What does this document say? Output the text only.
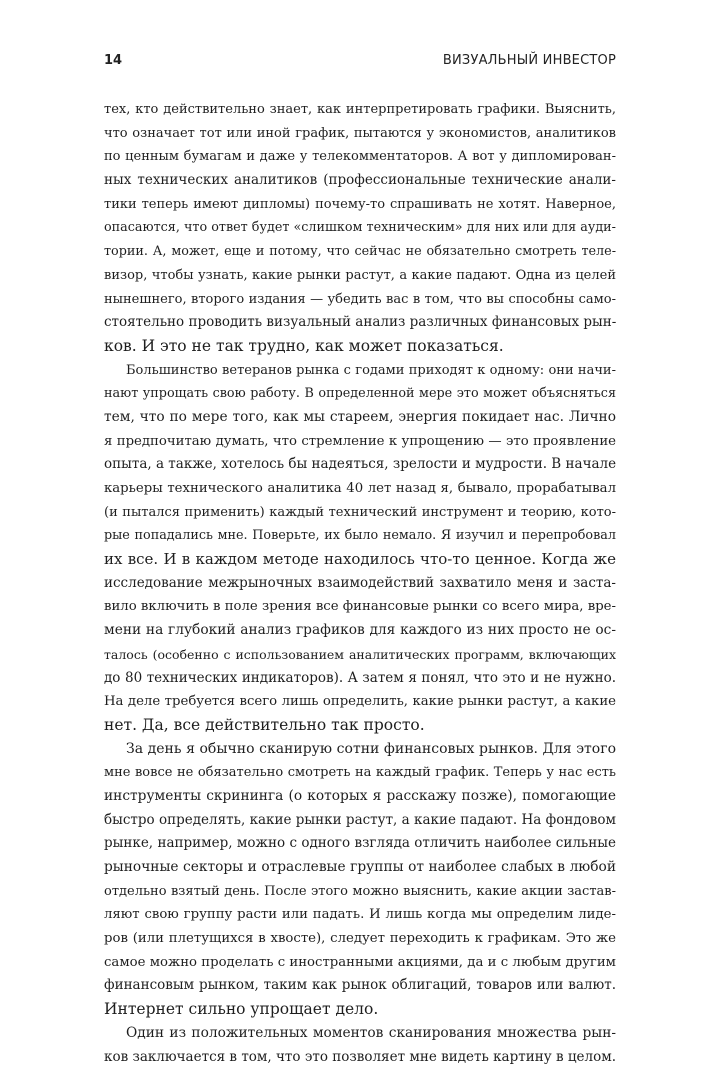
14	ВИЗУАЛЬНЫЙ ИНВЕСТОР
тех, кто действительно знает, как интерпретировать графики. Выяснить,
что означает тот или иной график, пытаются у экономистов, аналитиков
по ценным бумагам и даже у телекомментаторов. А вот у дипломирован-
ных технических аналитиков (профессиональные технические анали-
тики теперь имеют дипломы) почему-то спрашивать не хотят. Наверное,
опасаются, что ответ будет «слишком техническим» для них или для ауди-
тории. А, может, еще и потому, что сейчас не обязательно смотреть теле-
визор, чтобы узнать, какие рынки растут, а какие падают. Одна из целей
нынешнего, второго издания — убедить вас в том, что вы способны само-
стоятельно проводить визуальный анализ различных финансовых рын-
ков. И это не так трудно, как может показаться.
Большинство ветеранов рынка с годами приходят к одному: они начи-
нают упрощать свою работу. В определенной мере это может объясняться
тем, что по мере того, как мы стареем, энергия покидает нас. Лично
я предпочитаю думать, что стремление к упрощению — это проявление
опыта, а также, хотелось бы надеяться, зрелости и мудрости. В начале
карьеры технического аналитика 40 лет назад я, бывало, прорабатывал
(и пытался применить) каждый технический инструмент и теорию, кото-
рые попадались мне. Поверьте, их было немало. Я изучил и перепробовал
их все. И в каждом методе находилось что-то ценное. Когда же
исследование межрыночных взаимодействий захватило меня и заста-
вило включить в поле зрения все финансовые рынки со всего мира, вре-
мени на глубокий анализ графиков для каждого из них просто не ос-
талось (особенно с использованием аналитических программ, включающих
до 80 технических индикаторов). А затем я понял, что это и не нужно.
На деле требуется всего лишь определить, какие рынки растут, а какие
нет. Да, все действительно так просто.
За день я обычно сканирую сотни финансовых рынков. Для этого
мне вовсе не обязательно смотреть на каждый график. Теперь у нас есть
инструменты скрининга (о которых я расскажу позже), помогающие
быстро определять, какие рынки растут, а какие падают. На фондовом
рынке, например, можно с одного взгляда отличить наиболее сильные
рыночные секторы и отраслевые группы от наиболее слабых в любой
отдельно взятый день. После этого можно выяснить, какие акции застав-
ляют свою группу расти или падать. И лишь когда мы определим лиде-
ров (или плетущихся в хвосте), следует переходить к графикам. Это же
самое можно проделать с иностранными акциями, да и с любым другим
финансовым рынком, таким как рынок облигаций, товаров или валют.
Интернет сильно упрощает дело.
Один из положительных моментов сканирования множества рын-
ков заключается в том, что это позволяет мне видеть картину в целом.
